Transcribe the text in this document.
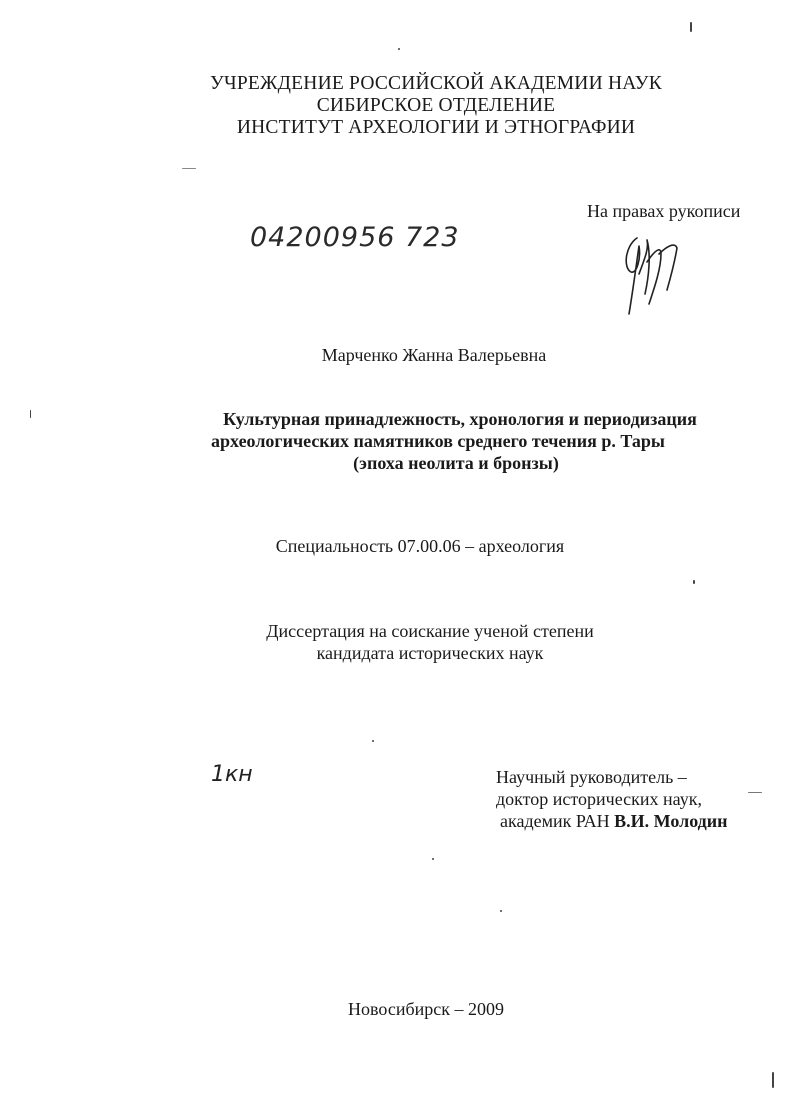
УЧРЕЖДЕНИЕ РОССИЙСКОЙ АКАДЕМИИ НАУК
СИБИРСКОЕ ОТДЕЛЕНИЕ
ИНСТИТУТ АРХЕОЛОГИИ И ЭТНОГРАФИИ
04200956 723
На правах рукописи
Марченко Жанна Валерьевна
Культурная принадлежность, хронология и периодизация
археологических памятников среднего течения р. Тары
(эпоха неолита и бронзы)
Специальность 07.00.06 – археология
Диссертация на соискание ученой степени
кандидата исторических наук
1кн	Научный руководитель –
доктор исторических наук,
академик РАН В.И. Молодин
Новосибирск – 2009
